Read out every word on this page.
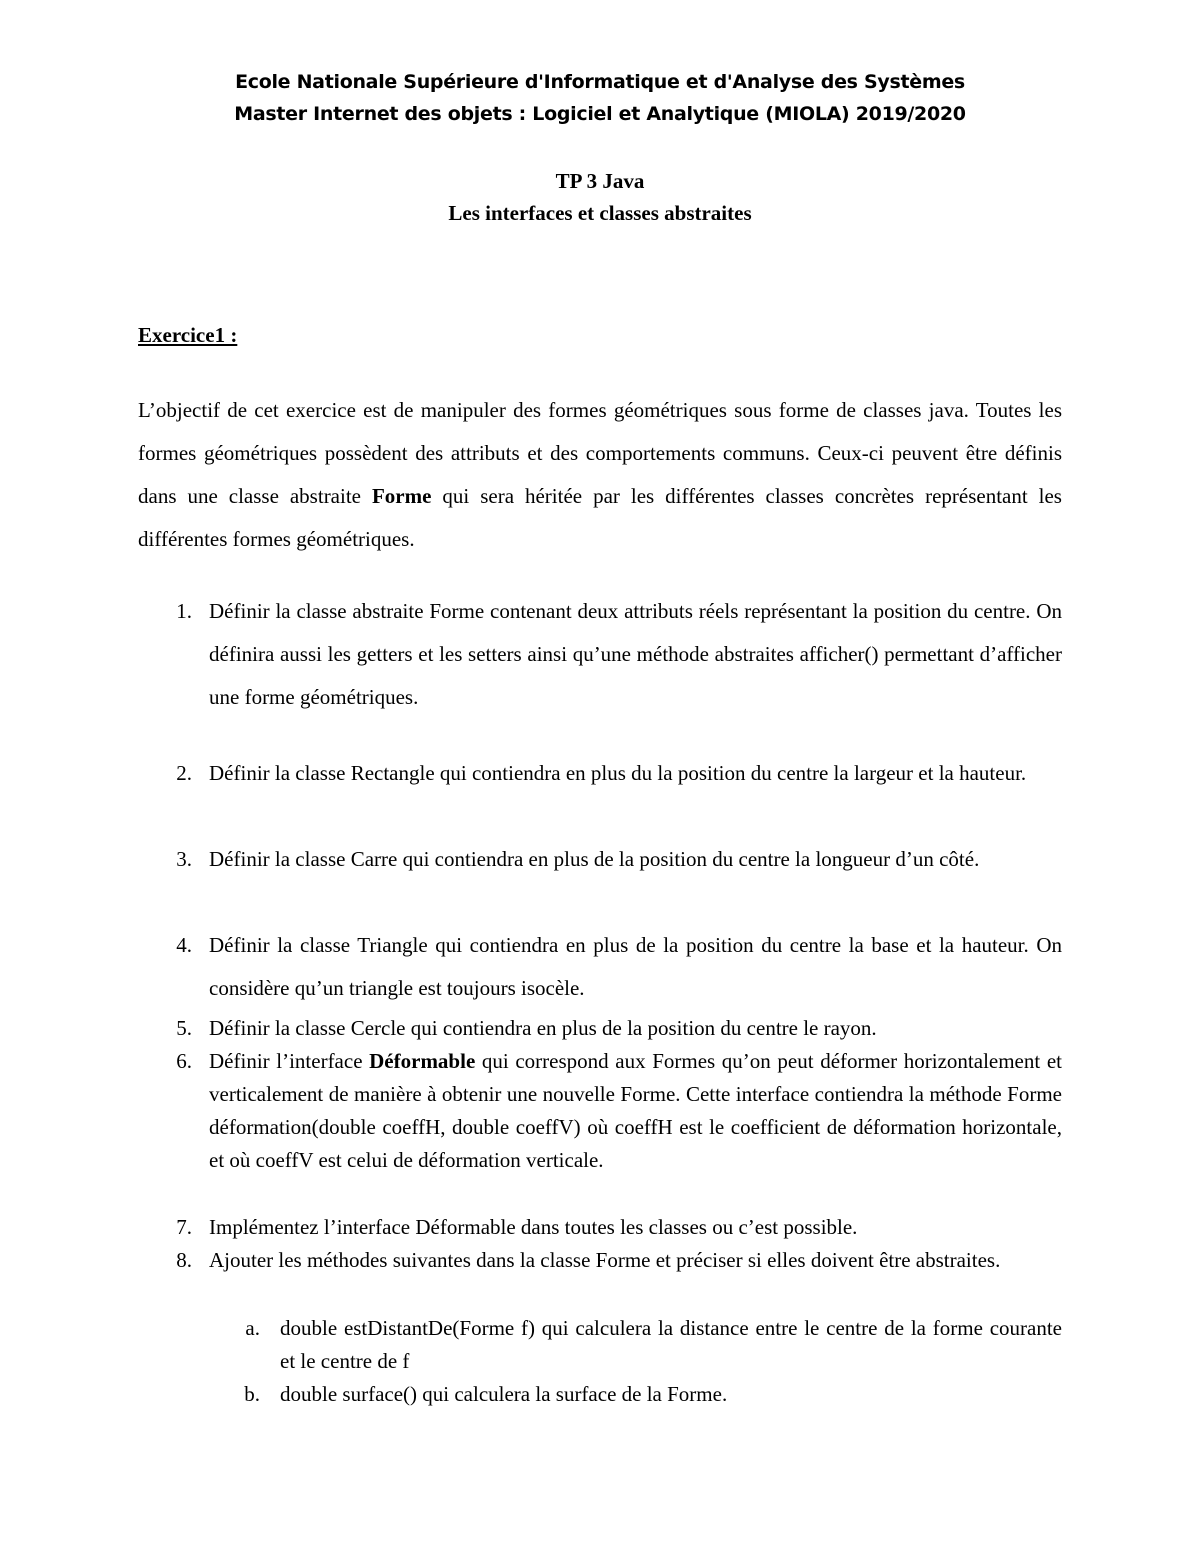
Ecole Nationale Supérieure d'Informatique et d'Analyse des Systèmes
Master Internet des objets : Logiciel et Analytique (MIOLA) 2019/2020
TP 3 Java
Les interfaces et classes abstraites
Exercice1 :
L’objectif de cet exercice est de manipuler des formes géométriques sous forme de classes java. Toutes les formes géométriques possèdent des attributs et des comportements communs. Ceux-ci peuvent être définis dans une classe abstraite Forme qui sera héritée par les différentes classes concrètes représentant les différentes formes géométriques.
1. Définir la classe abstraite Forme contenant deux attributs réels représentant la position du centre. On définira aussi les getters et les setters ainsi qu’une méthode abstraites afficher() permettant d’afficher une forme géométriques.
2. Définir la classe Rectangle qui contiendra en plus du la position du centre la largeur et la hauteur.
3. Définir la classe Carre qui contiendra en plus de la position du centre la longueur d’un côté.
4. Définir la classe Triangle qui contiendra en plus de la position du centre la base et la hauteur. On considère qu’un triangle est toujours isocèle.
5. Définir la classe Cercle qui contiendra en plus de la position du centre le rayon.
6. Définir l’interface Déformable qui correspond aux Formes qu’on peut déformer horizontalement et verticalement de manière à obtenir une nouvelle Forme. Cette interface contiendra la méthode Forme déformation(double coeffH, double coeffV) où coeffH est le coefficient de déformation horizontale, et où coeffV est celui de déformation verticale.
7. Implémentez l’interface Déformable dans toutes les classes ou c’est possible.
8. Ajouter les méthodes suivantes dans la classe Forme et préciser si elles doivent être abstraites.
a. double estDistantDe(Forme f) qui calculera la distance entre le centre de la forme courante et le centre de f
b. double surface() qui calculera la surface de la Forme.
